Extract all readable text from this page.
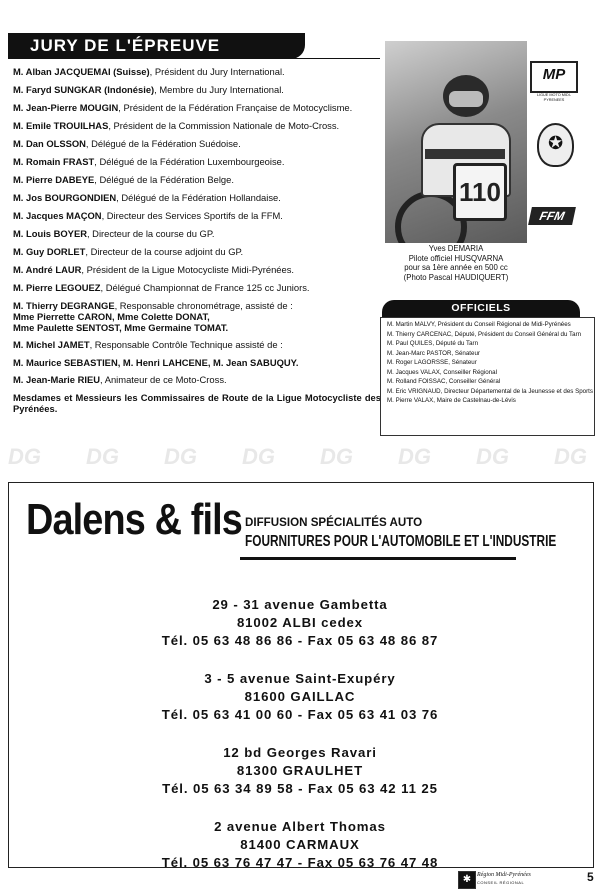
JURY DE L'ÉPREUVE
M. Alban JACQUEMAI (Suisse), Président du Jury International.
M. Faryd SUNGKAR (Indonésie), Membre du Jury International.
M. Jean-Pierre MOUGIN, Président de la Fédération Française de Motocyclisme.
M. Emile TROUILHAS, Président de la Commission Nationale de Moto-Cross.
M. Dan OLSSON, Délégué de la Fédération Suédoise.
M. Romain FRAST, Délégué de la Fédération Luxembourgeoise.
M. Pierre DABEYE, Délégué de la Fédération Belge.
M. Jos BOURGONDIEN, Délégué de la Fédération Hollandaise.
M. Jacques MAÇON, Directeur des Services Sportifs de la FFM.
M. Louis BOYER, Directeur de la course du GP.
M. Guy DORLET, Directeur de la course adjoint du GP.
M. André LAUR, Président de la Ligue Motocycliste Midi-Pyrénées.
M. Pierre LEGOUEZ, Délégué Championnat de France 125 cc Juniors.
M. Thierry DEGRANGE, Responsable chronométrage, assisté de :
Mme Pierrette CARON, Mme Colette DONAT,
Mme Paulette SENTOST, Mme Germaine TOMAT.
M. Michel JAMET, Responsable Contrôle Technique assisté de :
M. Maurice SEBASTIEN, M. Henri LAHCENE, M. Jean SABUQUY.
M. Jean-Marie RIEU, Animateur de ce Moto-Cross.
Mesdames et Messieurs les Commissaires de Route de la Ligue Motocycliste des Pyrénées.
110
Yves DEMARIA
Pilote officiel HUSQVARNA
pour sa 1ère année en 500 cc
(Photo Pascal HAUDIQUERT)
MP
LIGUE MOTO MIDI-PYRENEES
✪
FFM
OFFICIELS
M. Martin MALVY, Président du Conseil Régional de Midi-Pyrénées
M. Thierry CARCENAC, Député, Président du Conseil Général du Tarn
M. Paul QUILES, Député du Tarn
M. Jean-Marc PASTOR, Sénateur
M. Roger LAGORSSE, Sénateur
M. Jacques VALAX, Conseiller Régional
M. Rolland FOISSAC, Conseiller Général
M. Eric VRIGNAUD, Directeur Départemental de la Jeunesse et des Sports
M. Pierre VALAX, Maire de Castelnau-de-Lévis
DG DG DG DG DG DG DG DG
Dalens & fils DIFFUSION SPÉCIALITÉS AUTO
FOURNITURES POUR L'AUTOMOBILE ET L'INDUSTRIE
29 - 31 avenue Gambetta
81002 ALBI cedex
Tél. 05 63 48 86 86 - Fax 05 63 48 86 87
3 - 5 avenue Saint-Exupéry
81600 GAILLAC
Tél. 05 63 41 00 60 - Fax 05 63 41 03 76
12 bd Georges Ravari
81300 GRAULHET
Tél. 05 63 34 89 58 - Fax 05 63 42 11 25
2 avenue Albert Thomas
81400 CARMAUX
Tél. 05 63 76 47 47 - Fax 05 63 76 47 48
✱ Région Midi-Pyrénées
CONSEIL RÉGIONAL	5
